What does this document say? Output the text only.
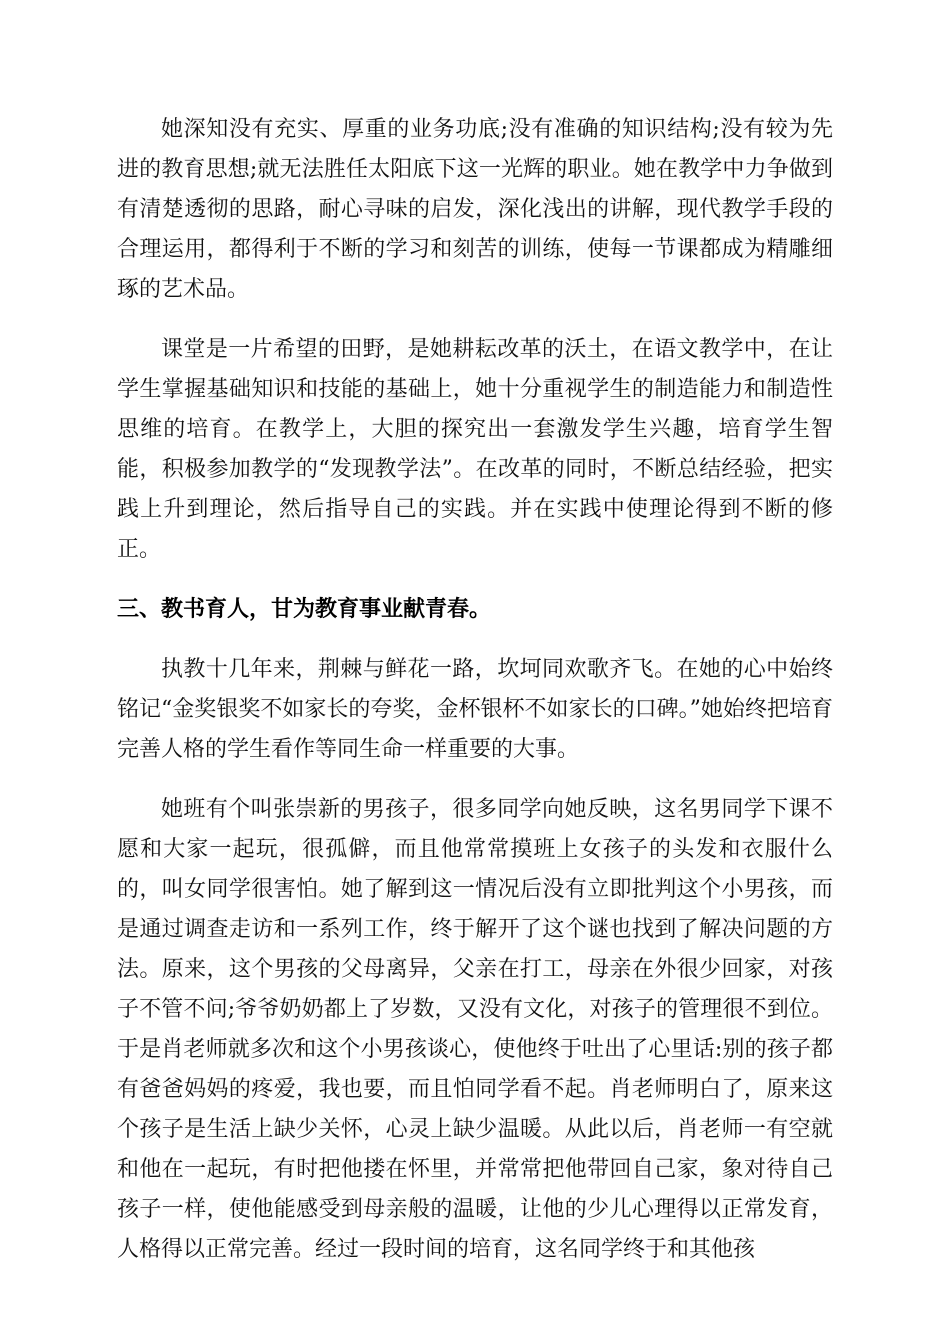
她深知没有充实、厚重的业务功底;没有准确的知识结构;没有较为先进的教育思想;就无法胜任太阳底下这一光辉的职业。她在教学中力争做到有清楚透彻的思路，耐心寻味的启发，深化浅出的讲解，现代教学手段的合理运用，都得利于不断的学习和刻苦的训练，使每一节课都成为精雕细琢的艺术品。

课堂是一片希望的田野，是她耕耘改革的沃土，在语文教学中，在让学生掌握基础知识和技能的基础上，她十分重视学生的制造能力和制造性思维的培育。在教学上，大胆的探究出一套激发学生兴趣，培育学生智能，积极参加教学的“发现教学法”。在改革的同时，不断总结经验，把实践上升到理论，然后指导自己的实践。并在实践中使理论得到不断的修正。

三、教书育人，甘为教育事业献青春。

执教十几年来，荆棘与鲜花一路，坎坷同欢歌齐飞。在她的心中始终铭记“金奖银奖不如家长的夸奖，金杯银杯不如家长的口碑。”她始终把培育完善人格的学生看作等同生命一样重要的大事。

她班有个叫张崇新的男孩子，很多同学向她反映，这名男同学下课不愿和大家一起玩，很孤僻，而且他常常摸班上女孩子的头发和衣服什么的，叫女同学很害怕。她了解到这一情况后没有立即批判这个小男孩，而是通过调查走访和一系列工作，终于解开了这个谜也找到了解决问题的方法。原来，这个男孩的父母离异，父亲在打工，母亲在外很少回家，对孩子不管不问;爷爷奶奶都上了岁数，又没有文化，对孩子的管理很不到位。于是肖老师就多次和这个小男孩谈心，使他终于吐出了心里话:别的孩子都有爸爸妈妈的疼爱，我也要，而且怕同学看不起。肖老师明白了，原来这个孩子是生活上缺少关怀，心灵上缺少温暖。从此以后，肖老师一有空就和他在一起玩，有时把他搂在怀里，并常常把他带回自己家，象对待自己孩子一样，使他能感受到母亲般的温暖，让他的少儿心理得以正常发育，人格得以正常完善。经过一段时间的培育，这名同学终于和其他孩
